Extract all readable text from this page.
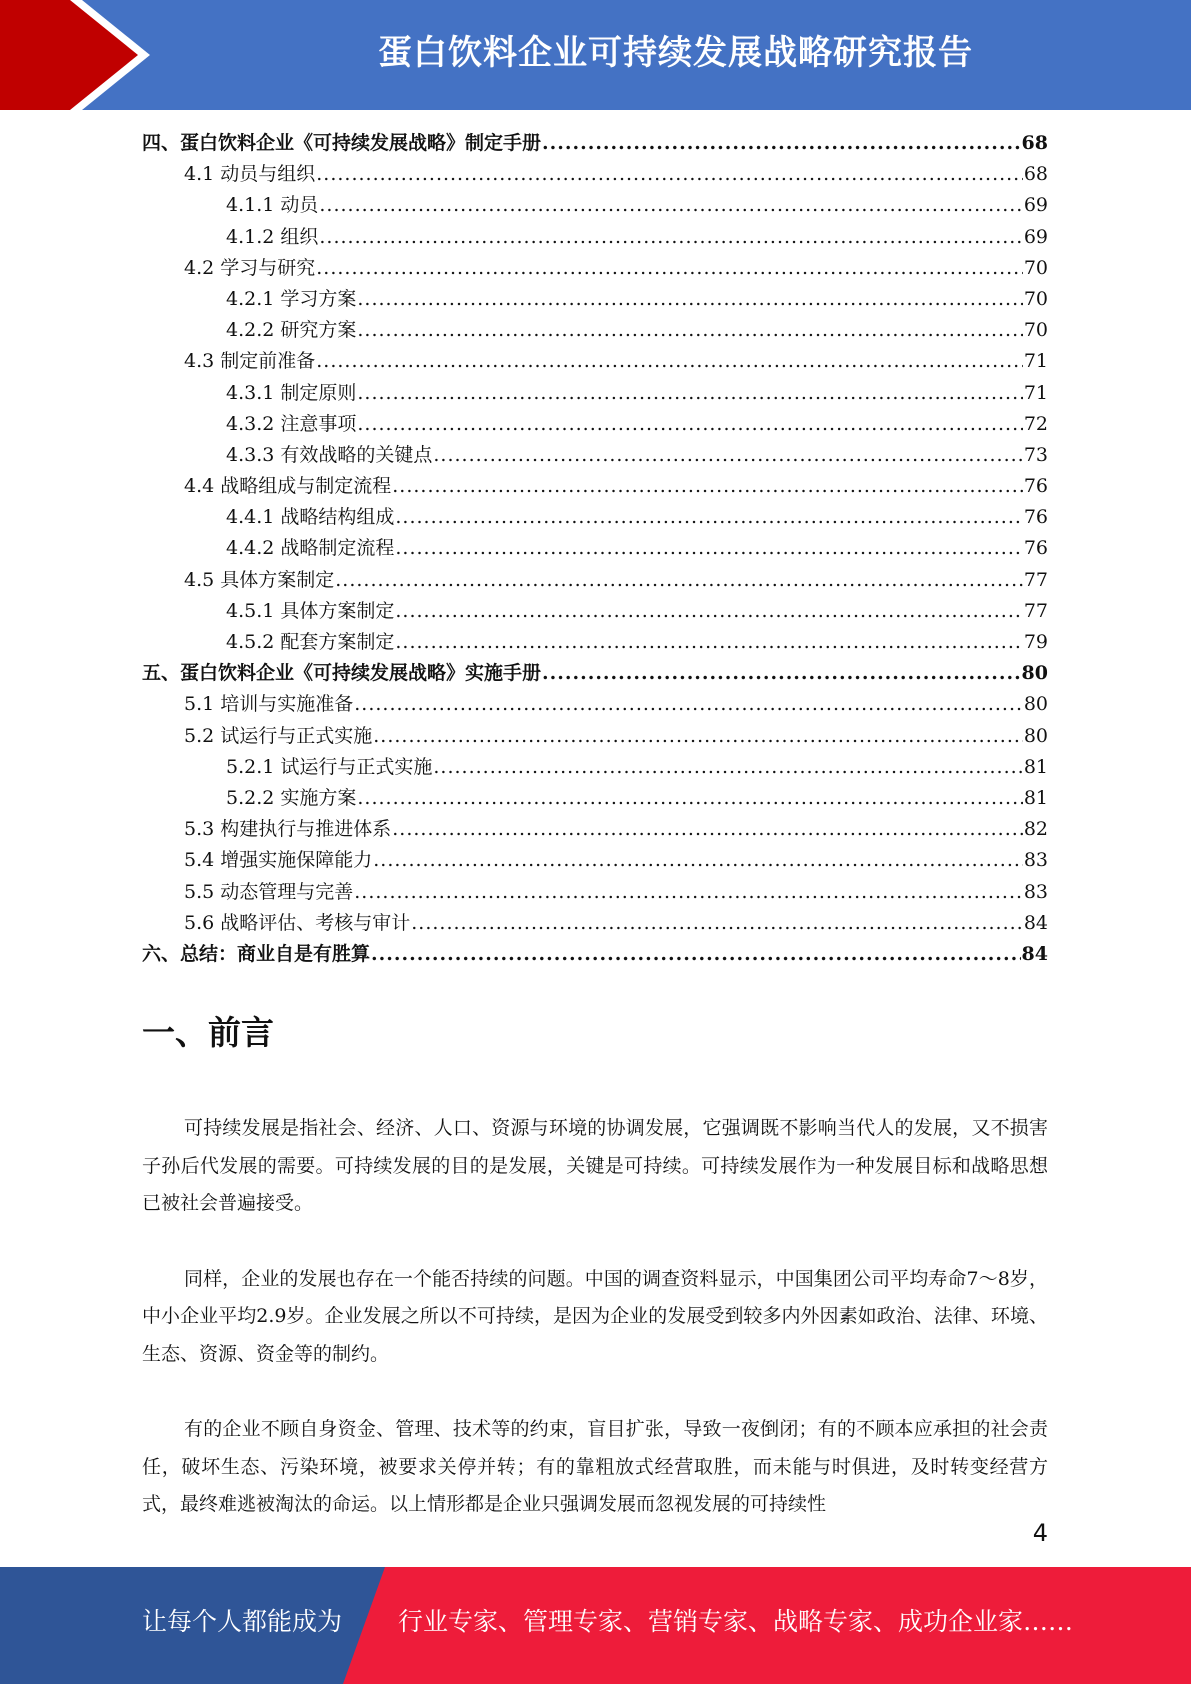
蛋白饮料企业可持续发展战略研究报告
四、蛋白饮料企业《可持续发展战略》制定手册 .....	68
4.1 动员与组织 .....	68
4.1.1 动员 .....	69
4.1.2 组织 .....	69
4.2 学习与研究 .....	70
4.2.1 学习方案 .....	70
4.2.2 研究方案 .....	70
4.3 制定前准备 .....	71
4.3.1 制定原则 .....	71
4.3.2 注意事项 .....	72
4.3.3 有效战略的关键点 .....	73
4.4 战略组成与制定流程 .....	76
4.4.1 战略结构组成 .....	76
4.4.2 战略制定流程 .....	76
4.5 具体方案制定 .....	77
4.5.1 具体方案制定 .....	77
4.5.2 配套方案制定 .....	79
五、蛋白饮料企业《可持续发展战略》实施手册 .....	80
5.1 培训与实施准备 .....	80
5.2 试运行与正式实施 .....	80
5.2.1 试运行与正式实施 .....	81
5.2.2 实施方案 .....	81
5.3 构建执行与推进体系 .....	82
5.4 增强实施保障能力 .....	83
5.5 动态管理与完善 .....	83
5.6 战略评估、考核与审计 .....	84
六、总结：商业自是有胜算 .....	84
一、前言

可持续发展是指社会、经济、人口、资源与环境的协调发展，它强调既不影响当代人的发展，又不损害子孙后代发展的需要。可持续发展的目的是发展，关键是可持续。可持续发展作为一种发展目标和战略思想已被社会普遍接受。

同样，企业的发展也存在一个能否持续的问题。中国的调查资料显示，中国集团公司平均寿命7～8岁，中小企业平均2.9岁。企业发展之所以不可持续，是因为企业的发展受到较多内外因素如政治、法律、环境、生态、资源、资金等的制约。

有的企业不顾自身资金、管理、技术等的约束，盲目扩张，导致一夜倒闭；有的不顾本应承担的社会责任，破坏生态、污染环境，被要求关停并转；有的靠粗放式经营取胜，而未能与时俱进，及时转变经营方式，最终难逃被淘汰的命运。以上情形都是企业只强调发展而忽视发展的可持续性

4
让每个人都能成为 行业专家、管理专家、营销专家、战略专家、成功企业家……
